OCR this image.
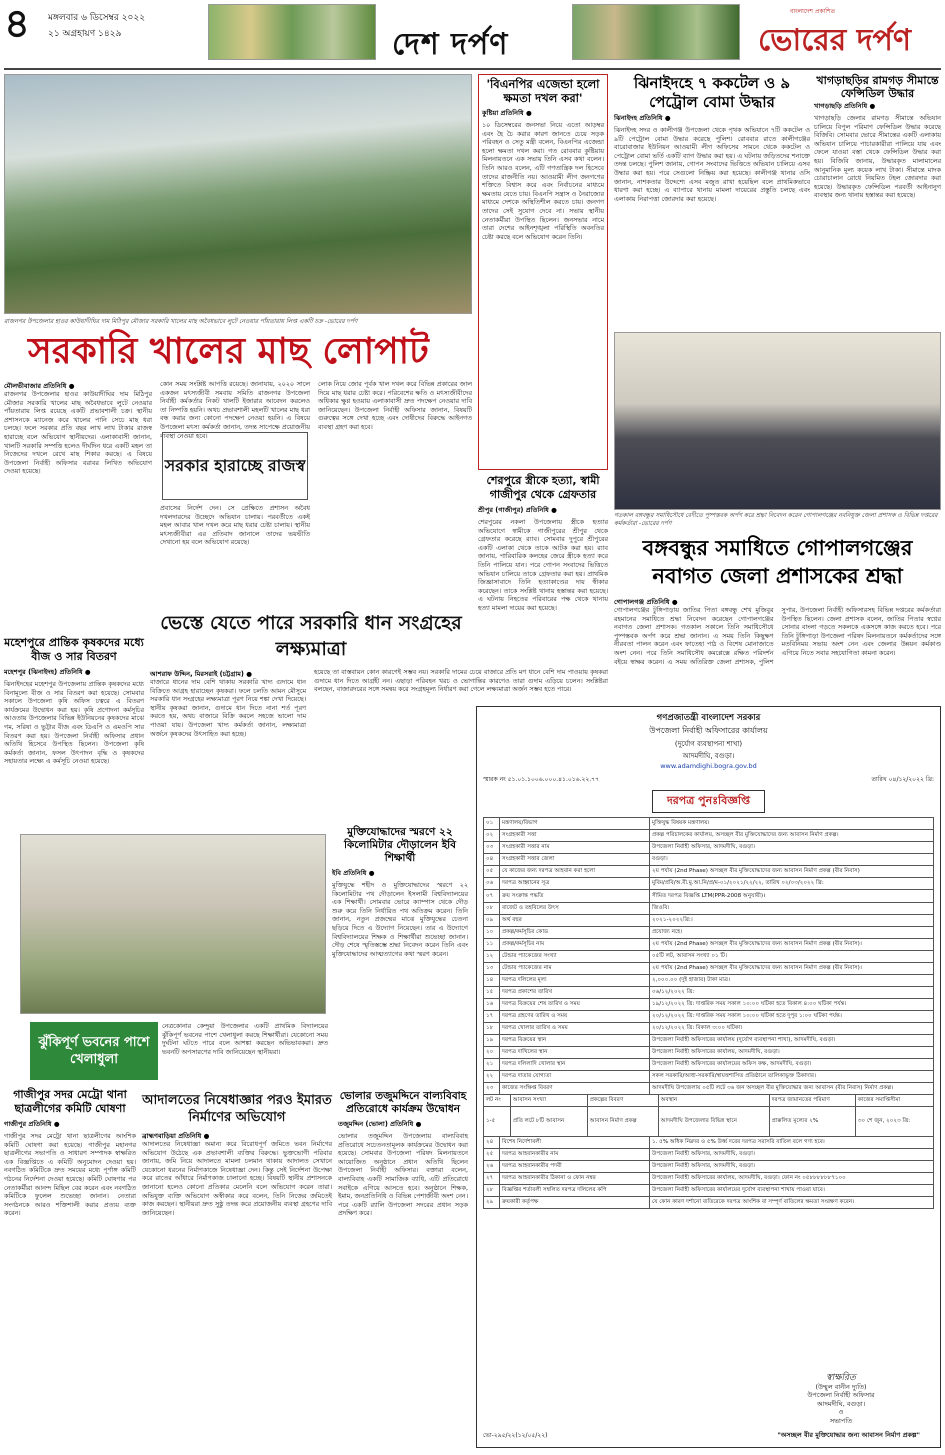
৪ মঙ্গলবার ৬ ডিসেম্বর ২০২২
২১ অগ্রহায়ণ ১৪২৯	দেশ দর্পণ
বাংলাদেশ প্রকাশিত
ভোরের দর্পণ
রাজনগর উপজেলার হাওর কাউয়াদীঘির দাম মিঠিপুর মৌজার সরকারি খালের মাছ অবৈধভাবে লুটে নেওয়ার পাঁয়তারায় লিপ্ত একটি চক্র -ভোরের দর্পণ
'বিএনপির এজেন্ডা হলো ক্ষমতা দখল করা'
কুষ্টিয়া প্রতিনিধি ●
১০ ডিসেম্বরের জনসভা নিয়ে এতো আড়ম্বর এবং হৈ চৈ করার কারণ জানতে চেয়ে সড়ক পরিবহন ও সেতু মন্ত্রী বলেন, বিএনপির এজেন্ডা হলো ক্ষমতা দখল করা। গত রোববার কুষ্টিয়ায় মিলনায়তনে এক সভায় তিনি এসব কথা বলেন। তিনি আরও বলেন, এটি গণতান্ত্রিক দল হিসেবে তাদের রাজনীতি নয়। আওয়ামী লীগ জনগণের শক্তিতে বিশ্বাস করে এবং নির্বাচনের মাধ্যমে ক্ষমতায় যেতে চায়। বিএনপি সন্ত্রাস ও নৈরাজ্যের মাধ্যমে দেশকে অস্থিতিশীল করতে চায়। জনগণ তাদের সেই সুযোগ দেবে না। সভায় স্থানীয় নেতাকর্মীরা উপস্থিত ছিলেন। জনসভার নামে তারা দেশের আইনশৃঙ্খলা পরিস্থিতি অবনতির চেষ্টা করছে বলে অভিযোগ করেন তিনি।
ঝিনাইদহে ৭ ককটেল ও ৯ পেট্রোল বোমা উদ্ধার
ঝিনাইদহ প্রতিনিধি ●
ঝিনাইদহ সদর ও কালীগঞ্জ উপজেলা থেকে পৃথক অভিযানে ৭টি ককটেল ও ৯টি পেট্রোল বোমা উদ্ধার করেছে পুলিশ। রোববার রাতে কালীগঞ্জের বারোবাজার ইউনিয়ন আওয়ামী লীগ অফিসের সামনে থেকে ককটেল ও পেট্রোল বোমা ভর্তি একটি ব্যাগ উদ্ধার করা হয়। এ ঘটনায় জড়িতদের শনাক্তে তদন্ত চলছে। পুলিশ জানায়, গোপন সংবাদের ভিত্তিতে অভিযান চালিয়ে এসব উদ্ধার করা হয়। পরে সেগুলো নিষ্ক্রিয় করা হয়েছে। কালীগঞ্জ থানার ওসি জানান, নাশকতার উদ্দেশ্যে এসব মজুত রাখা হয়েছিল বলে প্রাথমিকভাবে ধারণা করা হচ্ছে। এ ব্যাপারে থানায় মামলা দায়েরের প্রস্তুতি চলছে এবং এলাকায় নিরাপত্তা জোরদার করা হয়েছে।
খাগড়াছড়ির রামগড় সীমান্তে ফেন্সিডিল উদ্ধার
খাগড়াছড়ি প্রতিনিধি ●
খাগড়াছড়ি জেলার রামগড় সীমান্তে অভিযান চালিয়ে বিপুল পরিমাণ ফেন্সিডিল উদ্ধার করেছে বিজিবি। সোমবার ভোরে সীমান্তের একটি এলাকায় অভিযান চালিয়ে পাচারকারীরা পালিয়ে যায় এবং ফেলে যাওয়া বস্তা থেকে ফেন্সিডিল উদ্ধার করা হয়। বিজিবি জানায়, উদ্ধারকৃত মালামালের আনুমানিক মূল্য কয়েক লাখ টাকা। সীমান্তে মাদক চোরাচালান রোধে নিয়মিত টহল জোরদার করা হয়েছে। উদ্ধারকৃত ফেন্সিডিল পরবর্তী আইনানুগ ব্যবস্থার জন্য থানায় হস্তান্তর করা হয়েছে।
সরকারি খালের মাছ লোপাট
মৌলভীবাজার প্রতিনিধি ●
রাজনগর উপজেলার হাওর কাউয়াদীঘির দাম মিঠিপুর মৌজার সরকারি খালের মাছ অবৈধভাবে লুটে নেওয়ার পাঁয়তারায় লিপ্ত রয়েছে একটি প্রভাবশালী চক্র। স্থানীয় প্রশাসনকে ম্যানেজ করে খালের পানি সেচে মাছ ধরা চলছে। ফলে সরকার প্রতি বছর লাখ লাখ টাকার রাজস্ব হারাচ্ছে বলে অভিযোগ স্থানীয়দের। এলাকাবাসী জানান, খালটি সরকারি সম্পত্তি হলেও দীর্ঘদিন ধরে একটি মহল তা নিজেদের দখলে রেখে মাছ শিকার করছে। এ বিষয়ে উপজেলা নির্বাহী অফিসার বরাবর লিখিত অভিযোগ দেওয়া হয়েছে।
কোন সময় সংশ্লিষ্ট আপত্তি রয়েছে। জানাযায়, ২০২০ সালে একজন মৎস্যজীবী সমবায় সমিতি রাজনগর উপজেলা নির্বাহী কর্মকর্তার নিকট খালটি ইজারার আবেদন করলেও তা নিষ্পত্তি হয়নি। অথচ প্রভাবশালী মহলটি খালের মাছ ধরা বন্ধ করার জন্য কোনো পদক্ষেপ নেওয়া হয়নি। এ বিষয়ে উপজেলা মৎস্য কর্মকর্তা জানান, তদন্ত সাপেক্ষে প্রয়োজনীয় ব্যবস্থা নেওয়া হবে।
সরকার হারাচ্ছে রাজস্ব
প্রবাসের নির্দেশ দেন। সে প্রেক্ষিতে প্রশাসন অবৈধ দখলদারদের উচ্ছেদে অভিযান চালায়। পরবর্তীতে একই মহল আবার খাল দখল করে মাছ ধরার চেষ্টা চালায়। স্থানীয় মৎস্যজীবীরা এর প্রতিবাদ জানালে তাদের ভয়ভীতি দেখানো হয় বলে অভিযোগ রয়েছে।
লোক নিয়ে জোর পূর্বক খাল দখল করে বিভিন্ন প্রকারের জাল দিয়ে মাছ ধরার চেষ্টা করে। পরিবেশের ক্ষতি ও মৎস্যজীবীদের অধিকার ক্ষুণ্ণ হওয়ায় এলাকাবাসী দ্রুত পদক্ষেপ নেওয়ার দাবি জানিয়েছেন। উপজেলা নির্বাহী অফিসার জানান, বিষয়টি গুরুত্বের সঙ্গে দেখা হচ্ছে এবং দোষীদের বিরুদ্ধে আইনগত ব্যবস্থা গ্রহণ করা হবে।
শেরপুরে স্ত্রীকে হত্যা, স্বামী গাজীপুর থেকে গ্রেফতার
শ্রীপুর (গাজীপুর) প্রতিনিধি ●
শেরপুরের নকলা উপজেলায় স্ত্রীকে হত্যার অভিযোগে স্বামীকে গাজীপুরের শ্রীপুর থেকে গ্রেফতার করেছে র‍্যাব। সোমবার দুপুরে শ্রীপুরের একটি এলাকা থেকে তাকে আটক করা হয়। র‍্যাব জানায়, পারিবারিক কলহের জেরে স্ত্রীকে হত্যা করে তিনি পালিয়ে যান। পরে গোপন সংবাদের ভিত্তিতে অভিযান চালিয়ে তাকে গ্রেফতার করা হয়। প্রাথমিক জিজ্ঞাসাবাদে তিনি হত্যাকাণ্ডের দায় স্বীকার করেছেন। তাকে সংশ্লিষ্ট থানায় হস্তান্তর করা হয়েছে। এ ঘটনায় নিহতের পরিবারের পক্ষ থেকে থানায় হত্যা মামলা দায়ের করা হয়েছে।
গতকাল বঙ্গবন্ধুর সমাধিসৌধে বেদীতে পুষ্পস্তবক অর্পণ করে শ্রদ্ধা নিবেদন করেন গোপালগঞ্জের নবনিযুক্ত জেলা প্রশাসক ও বিভিন্ন দপ্তরের কর্মকর্তারা -ভোরের দর্পণ
বঙ্গবন্ধুর সমাধিতে গোপালগঞ্জের নবাগত জেলা প্রশাসকের শ্রদ্ধা
গোপালগঞ্জ প্রতিনিধি ●
গোপালগঞ্জের টুঙ্গিপাড়ায় জাতির পিতা বঙ্গবন্ধু শেখ মুজিবুর রহমানের সমাধিতে শ্রদ্ধা নিবেদন করেছেন গোপালগঞ্জের নবাগত জেলা প্রশাসক। গতকাল সকালে তিনি সমাধিসৌধে পুষ্পস্তবক অর্পণ করে শ্রদ্ধা জানান। এ সময় তিনি কিছুক্ষণ নীরবতা পালন করেন এবং ফাতেহা পাঠ ও বিশেষ মোনাজাতে অংশ নেন। পরে তিনি সমাধিসৌধ কমপ্লেক্সে রক্ষিত পরিদর্শন বইয়ে স্বাক্ষর করেন। এ সময় অতিরিক্ত জেলা প্রশাসক, পুলিশ সুপার, উপজেলা নির্বাহী অফিসারসহ বিভিন্ন দপ্তরের কর্মকর্তারা উপস্থিত ছিলেন। জেলা প্রশাসক বলেন, জাতির পিতার স্বপ্নের সোনার বাংলা গড়তে সকলকে একসঙ্গে কাজ করতে হবে। পরে তিনি টুঙ্গিপাড়া উপজেলা পরিষদ মিলনায়তনে কর্মকর্তাদের সঙ্গে মতবিনিময় সভায় অংশ নেন এবং জেলার উন্নয়ন কর্মকাণ্ড এগিয়ে নিতে সবার সহযোগিতা কামনা করেন।
মহেশপুরে প্রান্তিক কৃষকদের মধ্যে বীজ ও সার বিতরণ
মহেশপুর (ঝিনাইদহ) প্রতিনিধি ●
ঝিনাইদহের মহেশপুর উপজেলায় প্রান্তিক কৃষকদের মধ্যে বিনামূল্যে বীজ ও সার বিতরণ করা হয়েছে। সোমবার সকালে উপজেলা কৃষি অফিস চত্বরে এ বিতরণ কার্যক্রমের উদ্বোধন করা হয়। কৃষি প্রণোদনা কর্মসূচির আওতায় উপজেলার বিভিন্ন ইউনিয়নের কৃষকদের মাঝে গম, সরিষা ও ভুট্টার বীজ এবং ডিএপি ও এমওপি সার বিতরণ করা হয়। উপজেলা নির্বাহী অফিসার প্রধান অতিথি হিসেবে উপস্থিত ছিলেন। উপজেলা কৃষি কর্মকর্তা জানান, ফসল উৎপাদন বৃদ্ধি ও কৃষকদের সহায়তার লক্ষ্যে এ কর্মসূচি নেওয়া হয়েছে।
ভেস্তে যেতে পারে সরকারি ধান সংগ্রহের লক্ষ্যমাত্রা
আশরাফ উদ্দিন, মিরসরাই (চট্টগ্রাম) ●
বাজারে ধানের দাম বেশি থাকায় সরকারি খাদ্য গুদামে ধান বিক্রিতে আগ্রহ হারাচ্ছেন কৃষকরা। ফলে চলতি আমন মৌসুমে সরকারি ধান সংগ্রহের লক্ষ্যমাত্রা পূরণ নিয়ে শঙ্কা দেখা দিয়েছে। স্থানীয় কৃষকরা জানান, গুদামে ধান দিতে নানা শর্ত পূরণ করতে হয়, অথচ বাজারে বিক্রি করলে সহজে ভালো দাম পাওয়া যায়। উপজেলা খাদ্য কর্মকর্তা জানান, লক্ষ্যমাত্রা অর্জনে কৃষকদের উৎসাহিত করা হচ্ছে।
হয়েছে তা বাস্তবায়ন কোন কারণেই সম্ভব নয়। সরকারি দামের চেয়ে বাজারে প্রতি মণ ধানে বেশি দাম পাওয়ায় কৃষকরা গুদামে ধান দিতে আগ্রহী নন। এছাড়া পরিবহন খরচ ও ভোগান্তির কারণেও তারা গুদাম এড়িয়ে চলেন। সংশ্লিষ্টরা বলছেন, বাজারদরের সঙ্গে সমন্বয় করে সংগ্রহমূল্য নির্ধারণ করা গেলে লক্ষ্যমাত্রা অর্জন সম্ভব হতে পারে।
মুক্তিযোদ্ধাদের স্মরণে ২২ কিলোমিটার দৌড়ালেন ইবি শিক্ষার্থী
ইবি প্রতিনিধি ●
মুক্তিযুদ্ধে শহীদ ও মুক্তিযোদ্ধাদের স্মরণে ২২ কিলোমিটার পথ দৌড়ালেন ইসলামী বিশ্ববিদ্যালয়ের এক শিক্ষার্থী। সোমবার ভোরে ক্যাম্পাস থেকে দৌড় শুরু করে তিনি নির্ধারিত পথ অতিক্রম করেন। তিনি জানান, নতুন প্রজন্মের মাঝে মুক্তিযুদ্ধের চেতনা ছড়িয়ে দিতে এ উদ্যোগ নিয়েছেন। তার এ উদ্যোগে বিশ্ববিদ্যালয়ের শিক্ষক ও শিক্ষার্থীরা শুভেচ্ছা জানান। দৌড় শেষে স্মৃতিস্তম্ভে শ্রদ্ধা নিবেদন করেন তিনি এবং মুক্তিযোদ্ধাদের আত্মত্যাগের কথা স্মরণ করেন।
ঝুঁকিপূর্ণ ভবনের পাশে খেলাধুলা
নেত্রকোনার কেন্দুয়া উপজেলার একটি প্রাথমিক বিদ্যালয়ের ঝুঁকিপূর্ণ ভবনের পাশে খেলাধুলা করছে শিক্ষার্থীরা। যেকোনো সময় দুর্ঘটনা ঘটতে পারে বলে আশঙ্কা করছেন অভিভাবকরা। দ্রুত ভবনটি অপসারণের দাবি জানিয়েছেন স্থানীয়রা।
গাজীপুর সদর মেট্রো থানা ছাত্রলীগের কমিটি ঘোষণা
গাজীপুর প্রতিনিধি ●
গাজীপুর সদর মেট্রো থানা ছাত্রলীগের আংশিক কমিটি ঘোষণা করা হয়েছে। গাজীপুর মহানগর ছাত্রলীগের সভাপতি ও সাধারণ সম্পাদক স্বাক্ষরিত এক বিজ্ঞপ্তিতে এ কমিটি অনুমোদন দেওয়া হয়। নবগঠিত কমিটিকে দ্রুত সময়ের মধ্যে পূর্ণাঙ্গ কমিটি গঠনের নির্দেশনা দেওয়া হয়েছে। কমিটি ঘোষণার পর নেতাকর্মীরা আনন্দ মিছিল বের করেন এবং নবগঠিত কমিটিকে ফুলেল শুভেচ্ছা জানান। নেতারা সংগঠনকে আরও শক্তিশালী করার প্রত্যয় ব্যক্ত করেন।
আদালতের নিষেধাজ্ঞার পরও ইমারত নির্মাণের অভিযোগ
ব্রাহ্মণবাড়িয়া প্রতিনিধি ●
আদালতের নিষেধাজ্ঞা অমান্য করে বিরোধপূর্ণ জমিতে ভবন নির্মাণের অভিযোগ উঠেছে এক প্রভাবশালী ব্যক্তির বিরুদ্ধে। ভুক্তভোগী পরিবার জানায়, জমি নিয়ে আদালতে মামলা চলমান থাকায় আদালত সেখানে যেকোনো ধরনের নির্মাণকাজে নিষেধাজ্ঞা দেন। কিন্তু সেই নির্দেশনা উপেক্ষা করে রাতের আঁধারে নির্মাণকাজ চালানো হচ্ছে। বিষয়টি স্থানীয় প্রশাসনকে জানানো হলেও কোনো প্রতিকার মেলেনি বলে অভিযোগ করেন তারা। অভিযুক্ত ব্যক্তি অভিযোগ অস্বীকার করে বলেন, তিনি নিজের জমিতেই কাজ করছেন। স্থানীয়রা দ্রুত সুষ্ঠু তদন্ত করে প্রয়োজনীয় ব্যবস্থা গ্রহণের দাবি জানিয়েছেন।
ভোলার তজুমদ্দিনে বাল্যবিবাহ প্রতিরোধে কার্যক্রম উদ্বোধন
তজুমদ্দিন (ভোলা) প্রতিনিধি ●
ভোলার তজুমদ্দিন উপজেলায় বাল্যবিবাহ প্রতিরোধে সচেতনতামূলক কার্যক্রমের উদ্বোধন করা হয়েছে। সোমবার উপজেলা পরিষদ মিলনায়তনে আয়োজিত অনুষ্ঠানে প্রধান অতিথি ছিলেন উপজেলা নির্বাহী অফিসার। বক্তারা বলেন, বাল্যবিবাহ একটি সামাজিক ব্যাধি, এটি প্রতিরোধে সবাইকে এগিয়ে আসতে হবে। অনুষ্ঠানে শিক্ষক, ইমাম, জনপ্রতিনিধি ও বিভিন্ন পেশাজীবী অংশ নেন। পরে একটি র‍্যালি উপজেলা সদরের প্রধান সড়ক প্রদক্ষিণ করে।
গণপ্রজাতন্ত্রী বাংলাদেশ সরকার
উপজেলা নির্বাহী অফিসারের কার্যালয়
(দুর্যোগ ব্যবস্থাপনা শাখা)
আদমদীঘি, বগুড়া।
www.adamdighi.bogra.gov.bd
স্মারক নং ৫১.০১.১০০৬.০০০.৪১.০১৬.২২.৭৭	তারিখ ০৪/১২/২০২২ খ্রি:
দরপত্র পুনঃবিজ্ঞপ্তি
০১	মন্ত্রণালয়/বিভাগ	মুক্তিযুদ্ধ বিষয়ক মন্ত্রণালয়।
০২	সংগ্রহকারী সত্তা	প্রকল্প পরিচালকের কার্যালয়, অসচ্ছল বীর মুক্তিযোদ্ধাদের জন্য আবাসন নির্মাণ প্রকল্প।
০৩	সংগ্রহকারী সত্তার নাম	উপজেলা নির্বাহী অফিসার, আদমদীঘি, বগুড়া।
০৪	সংগ্রহকারী সত্তার জেলা	বগুড়া।
০৫	যে কাজের জন্য দরপত্র আহবান করা হলো	২য় পর্যায় (2nd Phase) অসচ্ছল বীর মুক্তিযোদ্ধাদের জন্য আবাসন নির্মাণ প্রকল্প (বীর নিবাস)
০৬	দরপত্র আহ্বানের সূত্র	মুবিম/প্রবি/অ.বী.মু.আ.নি/প্র/ম-০১/২০২১/২২/২২, তারিখ ০২/০৩/২০২২ খ্রি:
০৭	ক্রয় সংক্রান্ত পদ্ধতি	সীমিত দরপত্র বিজ্ঞপ্তি LTM(PPR-2008 অনুযায়ী)।
০৮	বাজেট ও তহবিলের উৎস	জিওবি।
০৯	অর্থ বছর	২০২১-২০২২খ্রি:।
১০	প্রকল্প/কর্মসূচির কোড	প্রযোজ্য নহে।
১১	প্রকল্প/কর্মসূচির নাম	২য় পর্যায় (2nd Phase) অসচ্ছল বীর মুক্তিযোদ্ধাদের জন্য আবাসন নির্মাণ প্রকল্প (বীর নিবাস)।
১২	টেন্ডার প্যাকেজের সংখ্যা	০৫টি লট, আবাসন সংখ্যা ০১ টি।
১৩	টেন্ডার প্যাকেজের নাম	২য় পর্যায় (2nd Phase) অসচ্ছল বীর মুক্তিযোদ্ধাদের জন্য আবাসন নির্মাণ প্রকল্প (বীর নিবাস)।
১৪	দরপত্র দলিলের মূল্য	২,০০০.০০ (দুই হাজার) টাকা মাত্র।
১৫	দরপত্র প্রকাশের তারিখ	০৬/১২/২০২২ খ্রি:
১৬	দরপত্র বিক্রয়ের শেষ তারিখ ও সময়	১৯/১২/২০২২ খ্রি: দাপ্তরিক সময় সকাল ১০:০০ ঘটিকা হতে বিকাল ৪:০০ ঘটিকা পর্যন্ত।
১৭	দরপত্র গ্রহণের তারিখ ও সময়	২০/১২/২০২২ খ্রি: দাপ্তরিক সময় সকাল ১০:০০ ঘটিকা হতে দুপুর ১:০০ ঘটিকা পর্যন্ত।
১৮	দরপত্র খোলার তারিখ ও সময়	২০/১২/২০২২ খ্রি: বিকাল ৩:০০ ঘটিকা।
১৯	দরপত্র বিক্রয়ের স্থান	উপজেলা নির্বাহী অফিসারের কার্যালয় (দুর্যোগ ব্যবস্থাপনা শাখা), আদমদীঘি, বগুড়া।
২০	দরপত্র দাখিলের স্থান	উপজেলা নির্বাহী অফিসারের কার্যালয়, আদমদীঘি, বগুড়া।
২১	দরপত্র দলিলাদি খোলার স্থান	উপজেলা নির্বাহী অফিসারের কার্যালয়ের অফিস কক্ষ, আদমদীঘি, বগুড়া।
২২	দরপত্র দাতার যোগ্যতা	সকল সরকারি/আধা-সরকারি/স্বায়ত্তশাসিত প্রতিষ্ঠানে তালিকাভুক্ত ঠিকাদার।
২৩	কাজের সংক্ষিপ্ত বিবরণ	আদমদীঘি উপজেলায় ০৫টি লটে ৩৬ জন অসচ্ছল বীর মুক্তিযোদ্ধার জন্য আবাসন (বীর নিবাস) নির্মাণ প্রকল্প।
লট নং	আবাসন সংখ্যা	প্রকল্পের বিবরণ	অবস্থান	দরপত্র জামানতের পরিমাণ	কাজের সমাপ্তিসীমা
১-৫	প্রতি লটে ৮টি আবাসন	আবাসন নির্মাণ প্রকল্প	আদমদীঘি উপজেলার বিভিন্ন স্থানে	প্রাক্কলিত মূল্যের ২%	৩০ শে জুন, ২০২৩ খ্রি:
২৪	বিশেষ নির্দেশাবলী	১. ৫% অধিক নিম্নদর ও ৫% উর্ধ্ব দরের দরপত্র সরাসরি বাতিল বলে গণ্য হবে।
২৫	দরপত্র আহবানকারীর নাম	উপজেলা নির্বাহী অফিসার, আদমদীঘি, বগুড়া।
২৬	দরপত্র আহবানকারীর পদবী	উপজেলা নির্বাহী অফিসার, আদমদীঘি, বগুড়া।
২৭	দরপত্র আহবানকারীর ঠিকানা ও ফোন নম্বর	উপজেলা নির্বাহী অফিসারের কার্যালয়, আদমদীঘি, বগুড়া। ফোন নং ০৫৮৮৮৮৮৮৭১০০
২৮	বিজ্ঞপ্তির শর্তাবলী সম্বলিত দরপত্র দলিলের কপি	উপজেলা নির্বাহী অফিসারের কার্যালয়ের দুর্যোগ ব্যবস্থাপনা শাখায় পাওয়া যাবে।
২৯	ক্রয়কারী কর্তৃপক্ষ	যে কোন কারণ দর্শানো ব্যতিরেকে দরপত্র আংশিক বা সম্পূর্ণ বাতিলের ক্ষমতা সংরক্ষণ করেন।
স্বাক্ষরিত
(উম্মুল বানীন দ্যুতি)
উপজেলা নির্বাহী অফিসার
আদমদীঘি, বগুড়া।
ও
সভাপতি
"অসচ্ছল বীর মুক্তিযোদ্ধার জন্য আবাসন নির্মাণ প্রকল্প"
ভো-২৯৫/২২(১২/০৫/২২)
